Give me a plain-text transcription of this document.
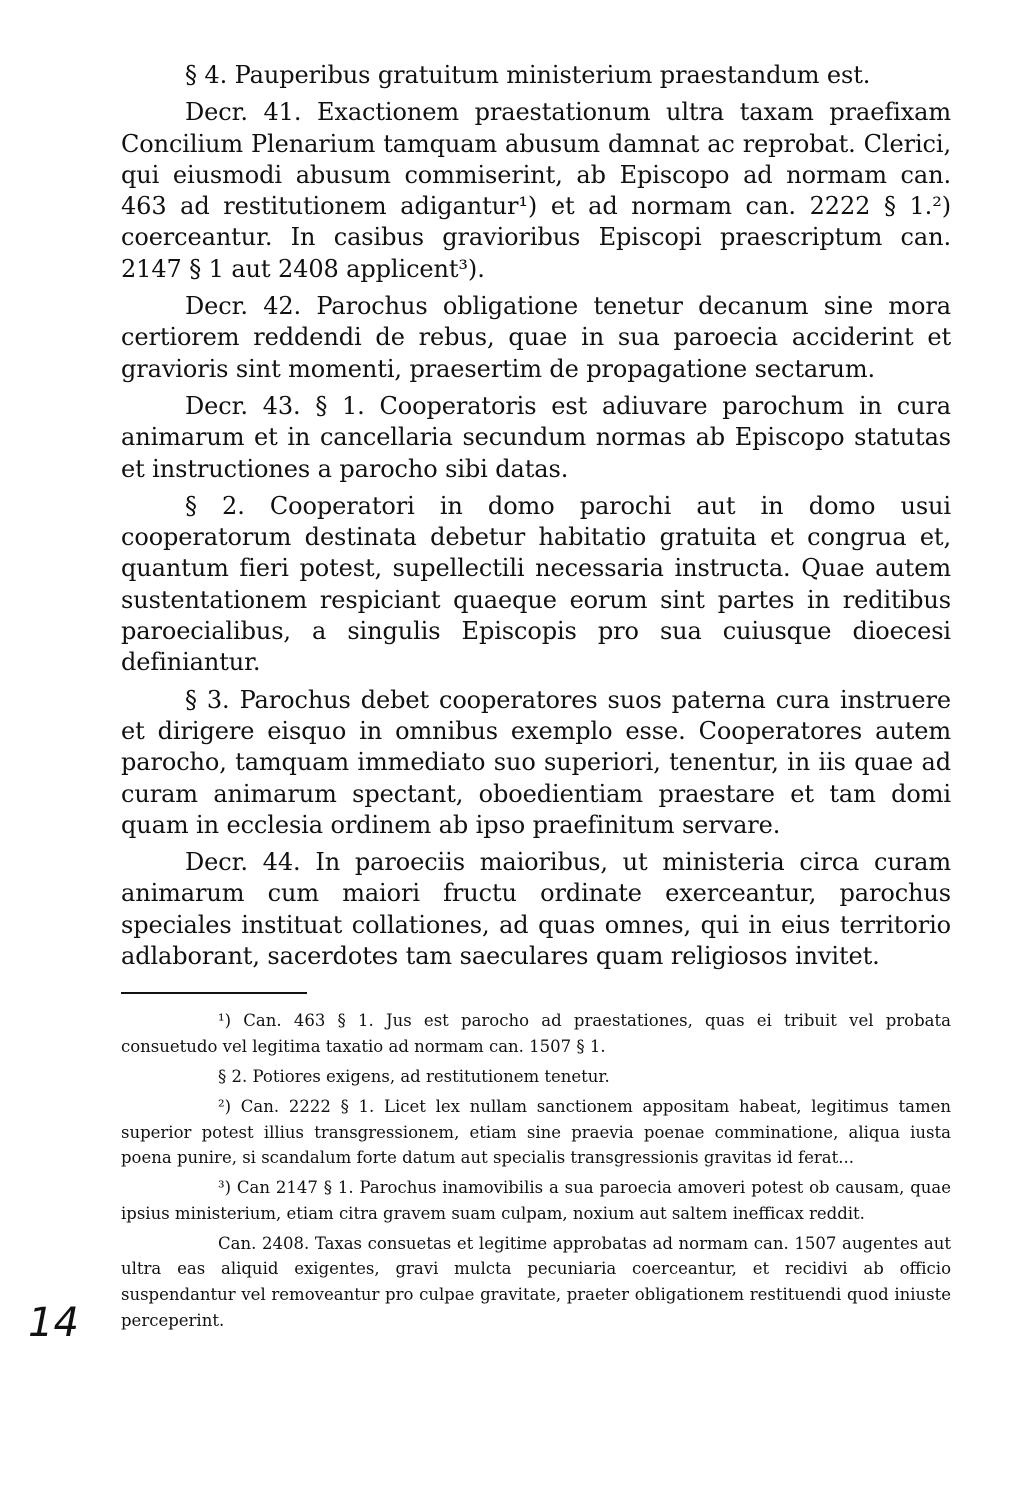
§ 4. Pauperibus gratuitum ministerium praestandum est.

Decr. 41. Exactionem praestationum ultra taxam praefixam Concilium Plenarium tamquam abusum damnat ac reprobat. Clerici, qui eiusmodi abusum commiserint, ab Episcopo ad normam can. 463 ad restitutionem adigantur¹) et ad normam can. 2222 § 1.²) coerceantur. In casibus gravioribus Episcopi praescriptum can. 2147 § 1 aut 2408 applicent³).

Decr. 42. Parochus obligatione tenetur decanum sine mora certiorem reddendi de rebus, quae in sua paroecia acciderint et gravioris sint momenti, praesertim de propagatione sectarum.

Decr. 43. § 1. Cooperatoris est adiuvare parochum in cura animarum et in cancellaria secundum normas ab Episcopo statutas et instructiones a parocho sibi datas.

§ 2. Cooperatori in domo parochi aut in domo usui cooperatorum destinata debetur habitatio gratuita et congrua et, quantum fieri potest, supellectili necessaria instructa. Quae autem sustentationem respiciant quaeque eorum sint partes in reditibus paroecialibus, a singulis Episcopis pro sua cuiusque dioecesi definiantur.

§ 3. Parochus debet cooperatores suos paterna cura instruere et dirigere eisquo in omnibus exemplo esse. Cooperatores autem parocho, tamquam immediato suo superiori, tenentur, in iis quae ad curam animarum spectant, oboedientiam praestare et tam domi quam in ecclesia ordinem ab ipso praefinitum servare.

Decr. 44. In paroeciis maioribus, ut ministeria circa curam animarum cum maiori fructu ordinate exerceantur, parochus speciales instituat collationes, ad quas omnes, qui in eius territorio adlaborant, sacerdotes tam saeculares quam religiosos invitet.

¹) Can. 463 § 1. Jus est parocho ad praestationes, quas ei tribuit vel probata consuetudo vel legitima taxatio ad normam can. 1507 § 1.

§ 2. Potiores exigens, ad restitutionem tenetur.

²) Can. 2222 § 1. Licet lex nullam sanctionem appositam habeat, legitimus tamen superior potest illius transgressionem, etiam sine praevia poenae comminatione, aliqua iusta poena punire, si scandalum forte datum aut specialis transgressionis gravitas id ferat...

³) Can 2147 § 1. Parochus inamovibilis a sua paroecia amoveri potest ob causam, quae ipsius ministerium, etiam citra gravem suam culpam, noxium aut saltem inefficax reddit.

Can. 2408. Taxas consuetas et legitime approbatas ad normam can. 1507 augentes aut ultra eas aliquid exigentes, gravi mulcta pecuniaria coerceantur, et recidivi ab officio suspendantur vel removeantur pro culpae gravitate, praeter obligationem restituendi quod iniuste perceperint.

14
